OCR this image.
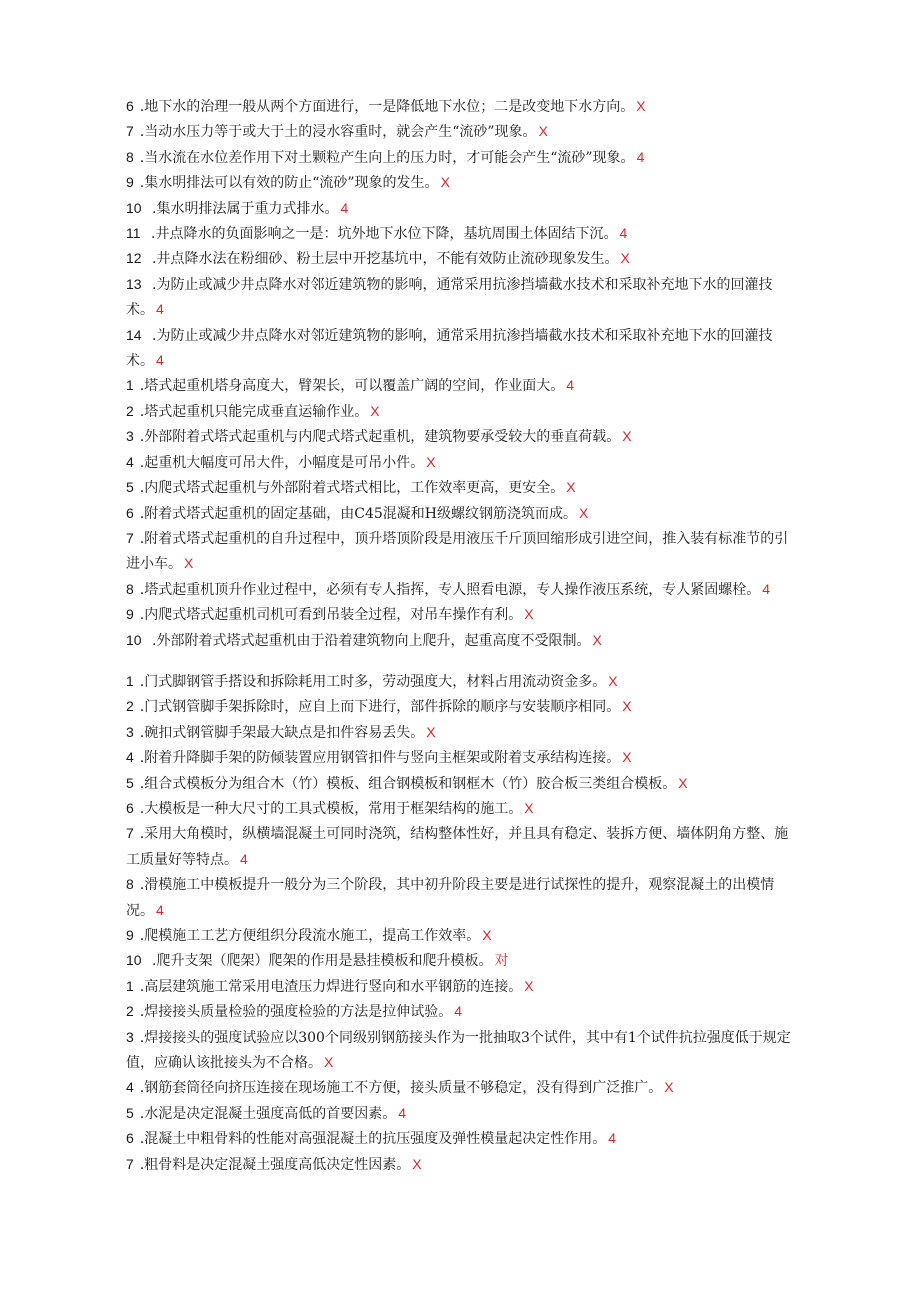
6 .地下水的治理一般从两个方面进行，一是降低地下水位；二是改变地下水方向。 X

7 .当动水压力等于或大于土的浸水容重时，就会产生“流砂”现象。 X

8 .当水流在水位差作用下对土颗粒产生向上的压力时，才可能会产生“流砂”现象。 4

9 .集水明排法可以有效的防止“流砂”现象的发生。 X

10 .集水明排法属于重力式排水。 4

11 .井点降水的负面影响之一是：坑外地下水位下降，基坑周围土体固结下沉。 4

12 .井点降水法在粉细砂、粉土层中开挖基坑中，不能有效防止流砂现象发生。 X

13 .为防止或减少井点降水对邻近建筑物的影响，通常采用抗渗挡墙截水技术和采取补充地下水的回灌技术。 4

14 .为防止或减少井点降水对邻近建筑物的影响，通常采用抗渗挡墙截水技术和采取补充地下水的回灌技术。 4

1 .塔式起重机塔身高度大，臂架长，可以覆盖广阔的空间，作业面大。 4

2 .塔式起重机只能完成垂直运输作业。 X

3 .外部附着式塔式起重机与内爬式塔式起重机，建筑物要承受较大的垂直荷载。 X

4 .起重机大幅度可吊大件，小幅度是可吊小件。 X

5 .内爬式塔式起重机与外部附着式塔式相比，工作效率更高，更安全。 X

6 .附着式塔式起重机的固定基础，由C45混凝和H级螺纹钢筋浇筑而成。 X

7 .附着式塔式起重机的自升过程中，顶升塔顶阶段是用液压千斤顶回缩形成引进空间，推入装有标准节的引进小车。 X

8 .塔式起重机顶升作业过程中，必须有专人指挥，专人照看电源，专人操作液压系统，专人紧固螺栓。 4

9 .内爬式塔式起重机司机可看到吊装全过程，对吊车操作有利。 X

10 .外部附着式塔式起重机由于沿着建筑物向上爬升，起重高度不受限制。 X

1 .门式脚钢管手搭设和拆除耗用工时多，劳动强度大，材料占用流动资金多。 X

2 .门式钢管脚手架拆除时，应自上而下进行，部件拆除的顺序与安装顺序相同。 X

3 .碗扣式钢管脚手架最大缺点是扣件容易丢失。 X

4 .附着升降脚手架的防倾装置应用钢管扣件与竖向主框架或附着支承结构连接。 X

5 .组合式模板分为组合木（竹）模板、组合钢模板和钢框木（竹）胶合板三类组合模板。 X

6 .大模板是一种大尺寸的工具式模板，常用于框架结构的施工。 X

7 .采用大角模时，纵横墙混凝土可同时浇筑，结构整体性好，并且具有稳定、装拆方便、墙体阴角方整、施工质量好等特点。 4

8 .滑模施工中模板提升一般分为三个阶段，其中初升阶段主要是进行试探性的提升，观察混凝土的出模情况。 4

9 .爬模施工工艺方便组织分段流水施工，提高工作效率。 X

10 .爬升支架（爬架）爬架的作用是悬挂模板和爬升模板。 对

1 .高层建筑施工常采用电渣压力焊进行竖向和水平钢筋的连接。 X

2 .焊接接头质量检验的强度检验的方法是拉伸试验。 4

3 .焊接接头的强度试验应以300个同级别钢筋接头作为一批抽取3个试件，其中有1个试件抗拉强度低于规定值，应确认该批接头为不合格。 X

4 .钢筋套筒径向挤压连接在现场施工不方便，接头质量不够稳定，没有得到广泛推广。 X

5 .水泥是决定混凝土强度高低的首要因素。 4

6 .混凝土中粗骨料的性能对高强混凝土的抗压强度及弹性模量起决定性作用。 4

7 .粗骨料是决定混凝土强度高低决定性因素。 X
